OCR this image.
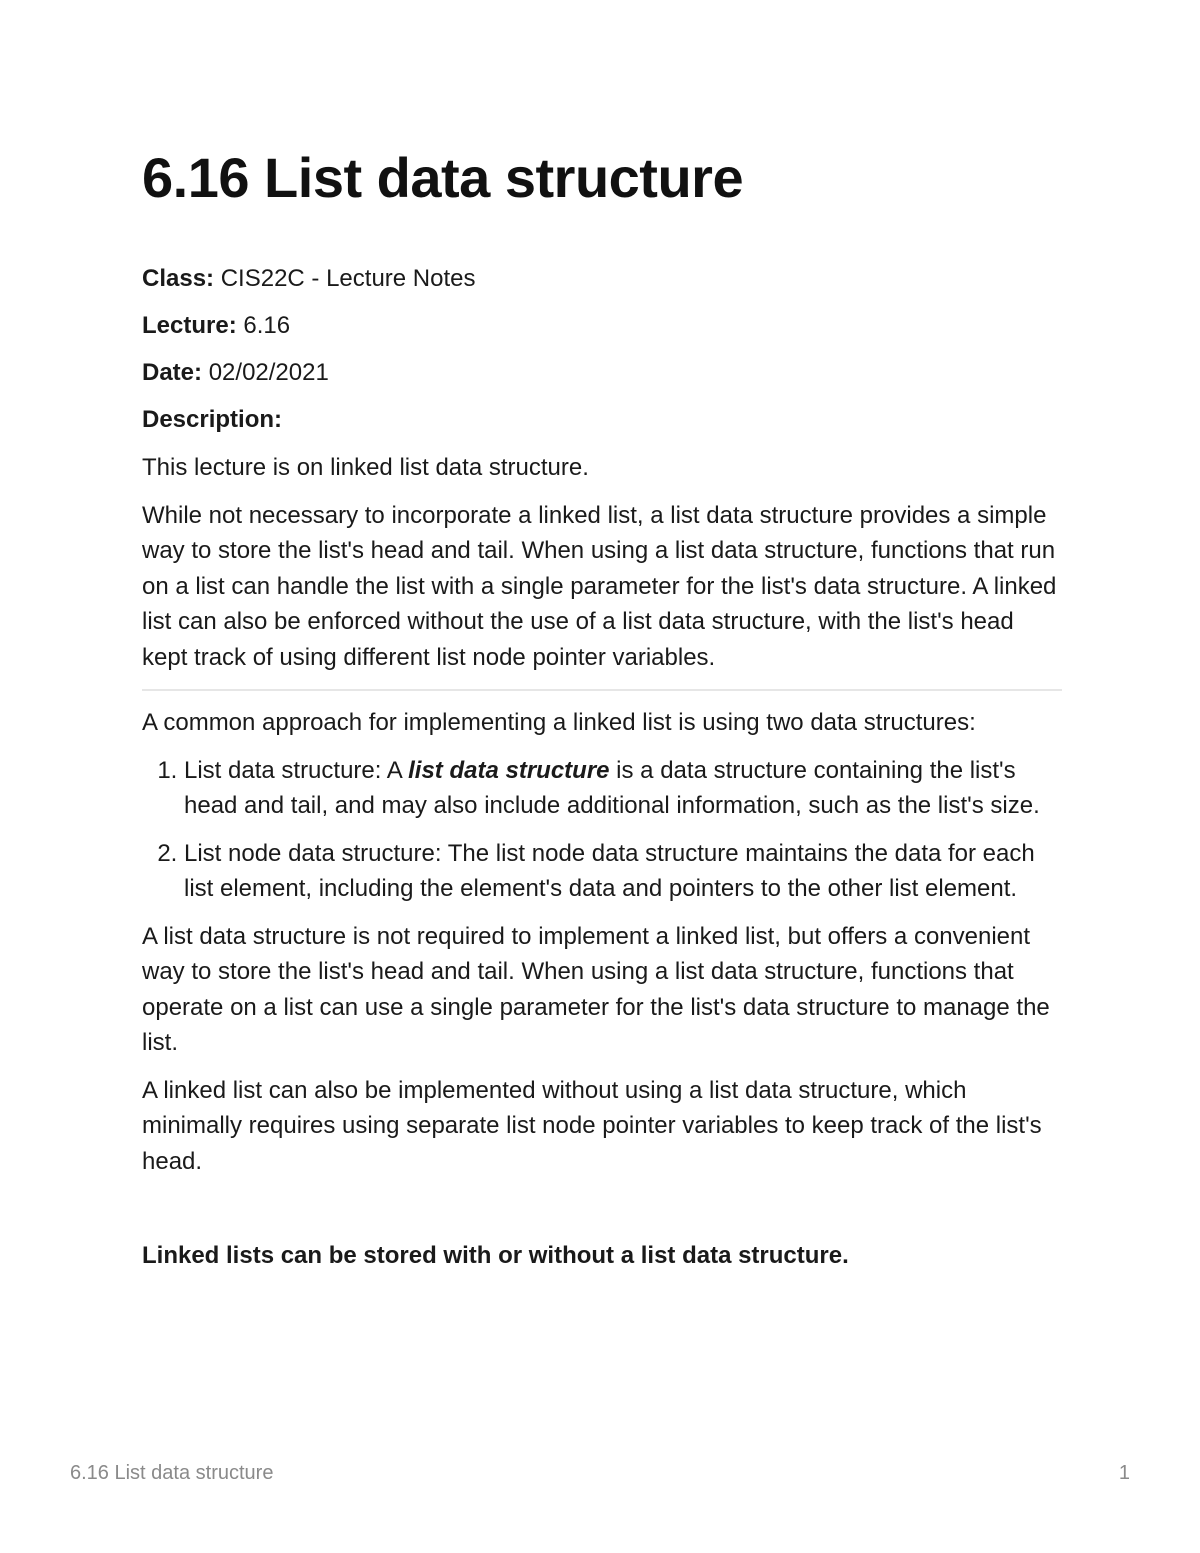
6.16 List data structure
Class: CIS22C - Lecture Notes
Lecture: 6.16
Date: 02/02/2021
Description:

This lecture is on linked list data structure.

While not necessary to incorporate a linked list, a list data structure provides a simple way to store the list's head and tail. When using a list data structure, functions that run on a list can handle the list with a single parameter for the list's data structure. A linked list can also be enforced without the use of a list data structure, with the list's head kept track of using different list node pointer variables.

A common approach for implementing a linked list is using two data structures:

1. List data structure: A list data structure is a data structure containing the list's head and tail, and may also include additional information, such as the list's size.
2. List node data structure: The list node data structure maintains the data for each list element, including the element's data and pointers to the other list element.

A list data structure is not required to implement a linked list, but offers a convenient way to store the list's head and tail. When using a list data structure, functions that operate on a list can use a single parameter for the list's data structure to manage the list.

A linked list can also be implemented without using a list data structure, which minimally requires using separate list node pointer variables to keep track of the list's head.

Linked lists can be stored with or without a list data structure.
6.16 List data structure	1
